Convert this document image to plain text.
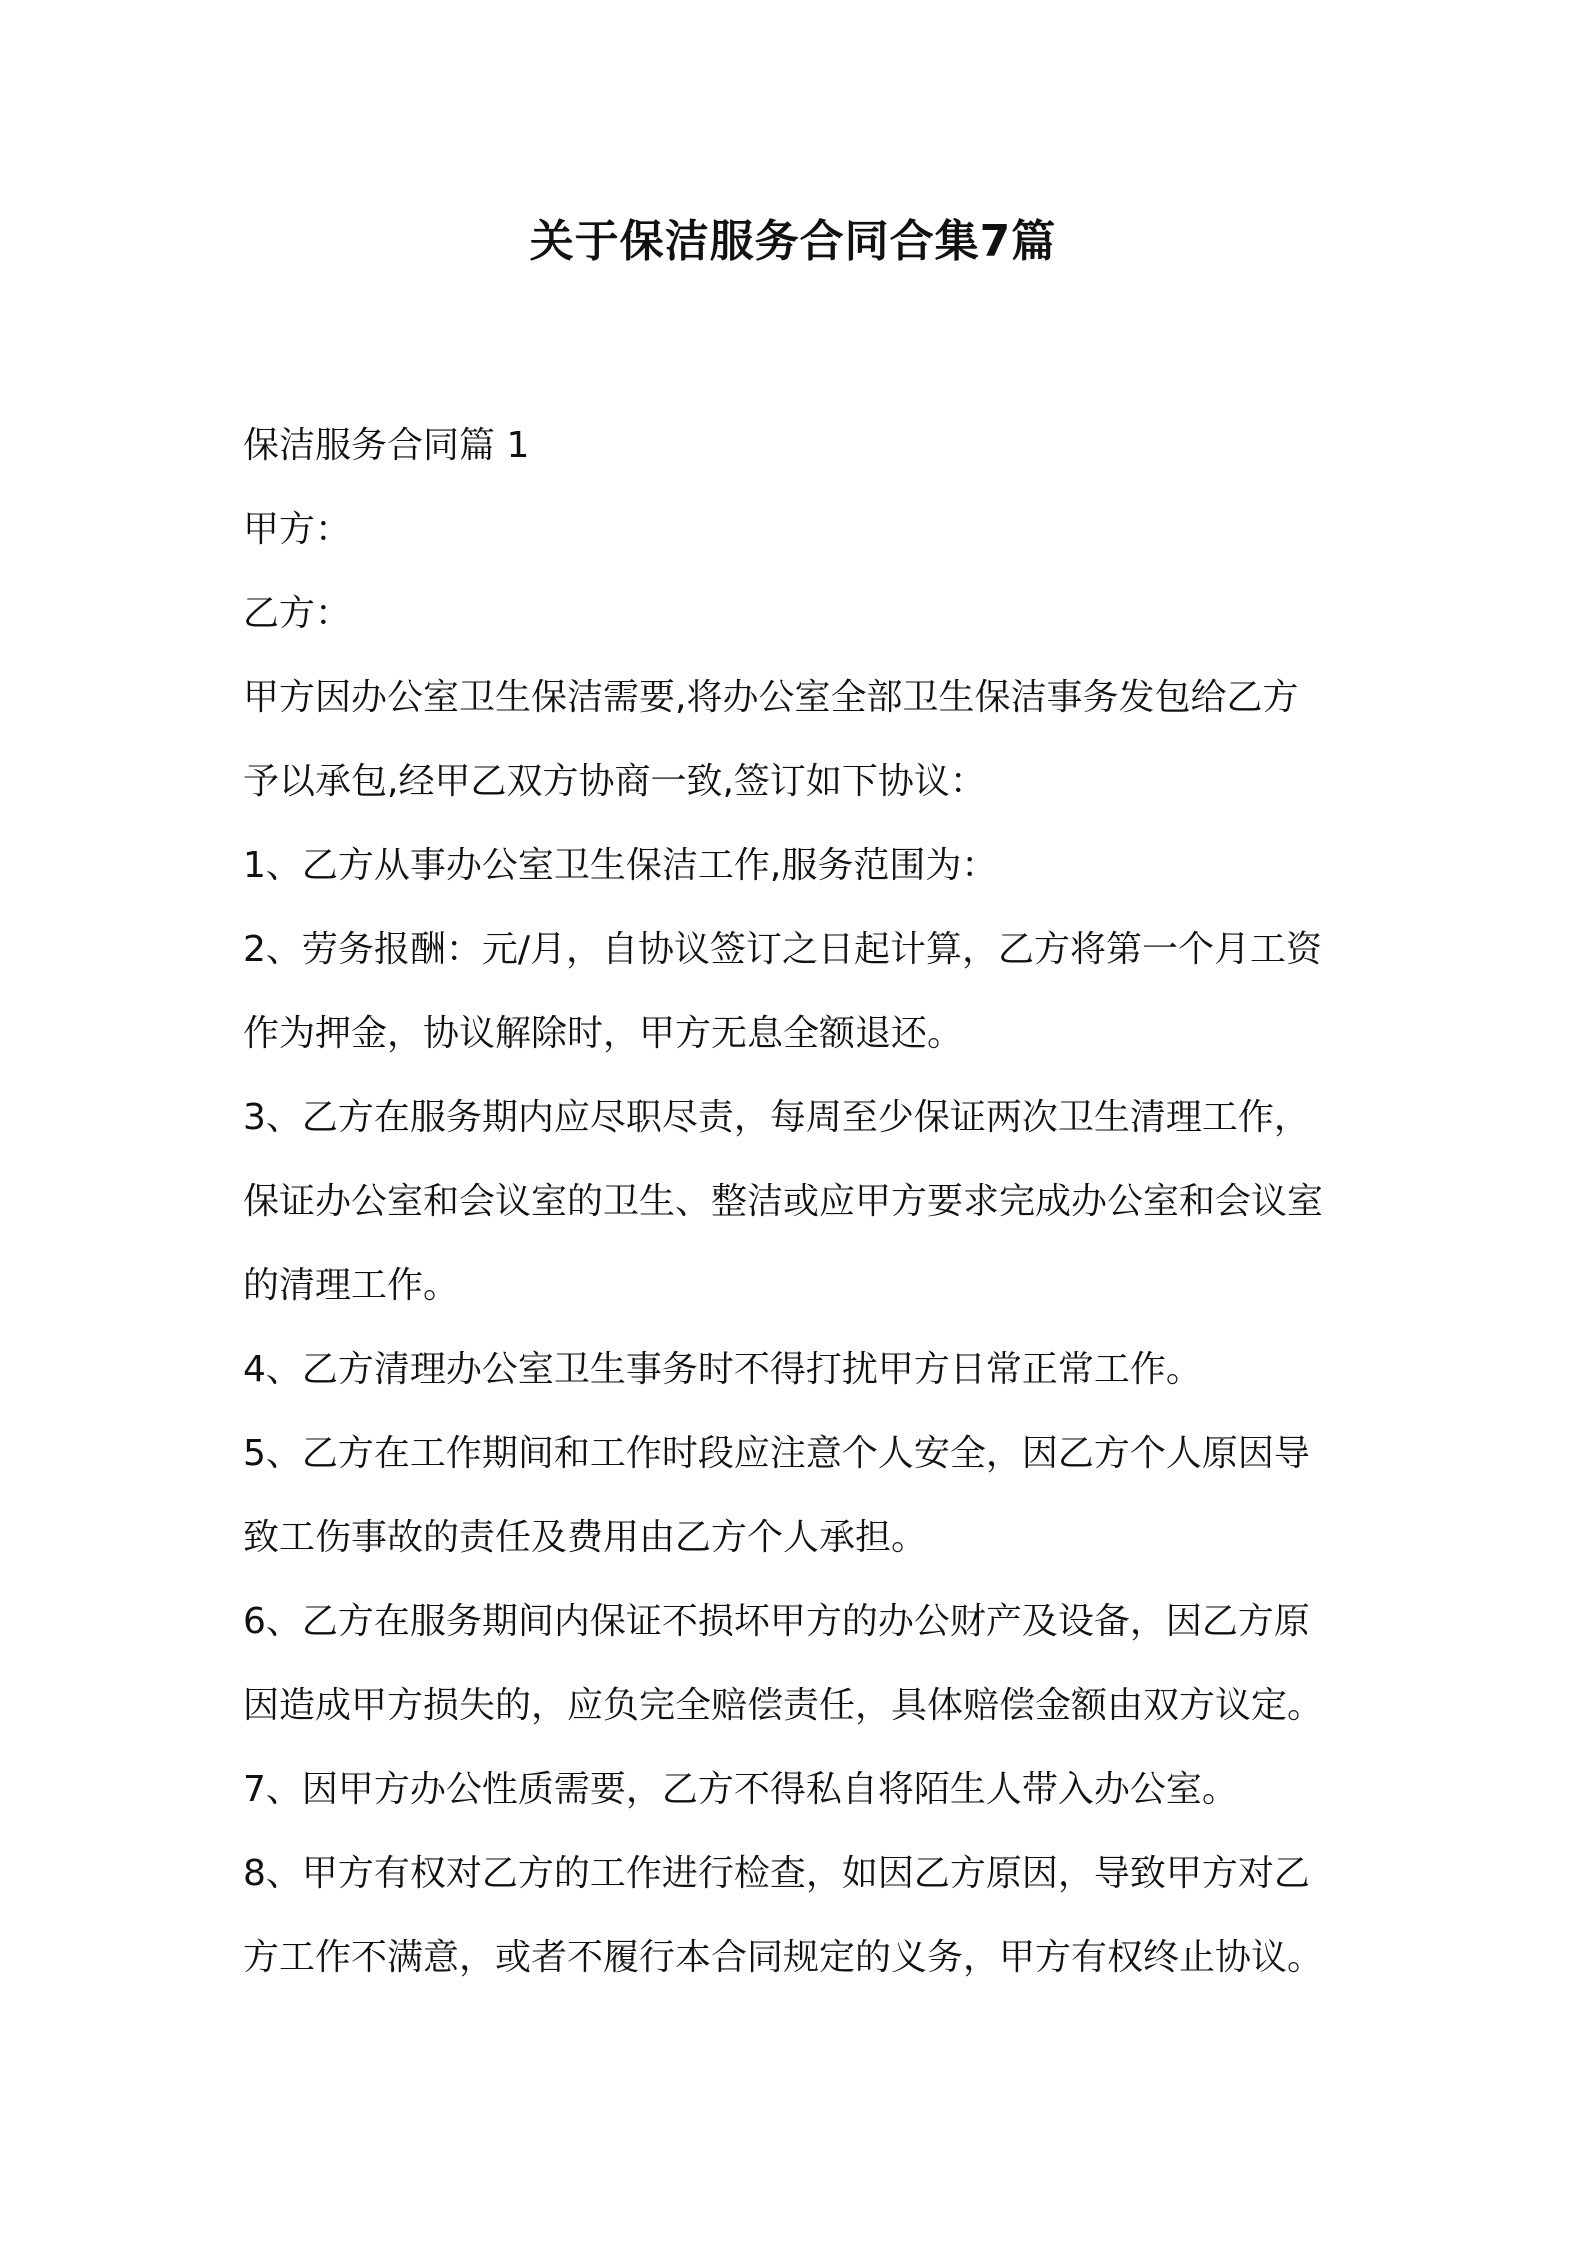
关于保洁服务合同合集7篇

保洁服务合同篇 1

甲方：

乙方：

甲方因办公室卫生保洁需要,将办公室全部卫生保洁事务发包给乙方

予以承包,经甲乙双方协商一致,签订如下协议：

1、乙方从事办公室卫生保洁工作,服务范围为：

2、劳务报酬：元/月，自协议签订之日起计算，乙方将第一个月工资

作为押金，协议解除时，甲方无息全额退还。

3、乙方在服务期内应尽职尽责，每周至少保证两次卫生清理工作，

保证办公室和会议室的卫生、整洁或应甲方要求完成办公室和会议室

的清理工作。

4、乙方清理办公室卫生事务时不得打扰甲方日常正常工作。

5、乙方在工作期间和工作时段应注意个人安全，因乙方个人原因导

致工伤事故的责任及费用由乙方个人承担。

6、乙方在服务期间内保证不损坏甲方的办公财产及设备，因乙方原

因造成甲方损失的，应负完全赔偿责任，具体赔偿金额由双方议定。

7、因甲方办公性质需要，乙方不得私自将陌生人带入办公室。

8、甲方有权对乙方的工作进行检查，如因乙方原因，导致甲方对乙

方工作不满意，或者不履行本合同规定的义务，甲方有权终止协议。
